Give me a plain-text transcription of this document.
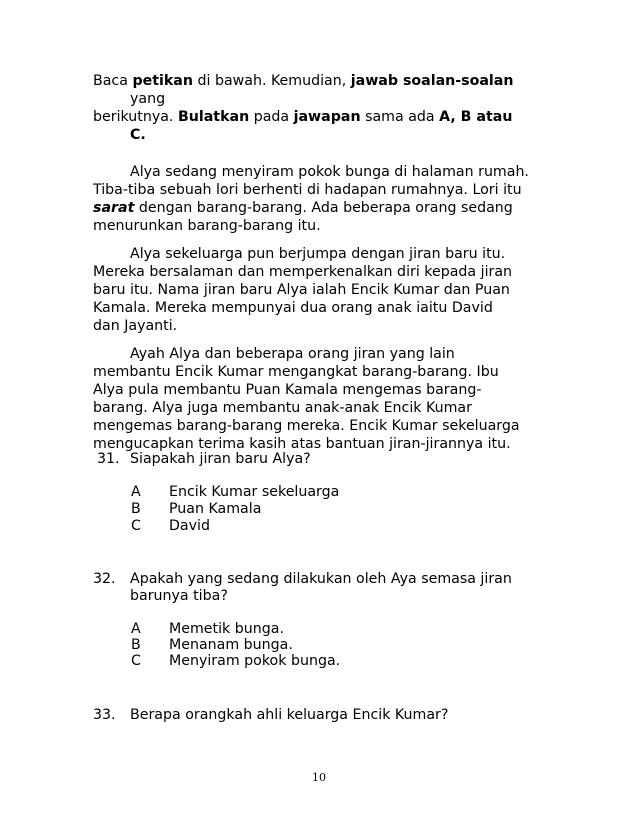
Baca petikan di bawah. Kemudian, jawab soalan-soalan
yang
berikutnya. Bulatkan pada jawapan sama ada A, B atau
C.
Alya sedang menyiram pokok bunga di halaman rumah.
Tiba-tiba sebuah lori berhenti di hadapan rumahnya. Lori itu
sarat dengan barang-barang. Ada beberapa orang sedang
menurunkan barang-barang itu.
Alya sekeluarga pun berjumpa dengan jiran baru itu.
Mereka bersalaman dan memperkenalkan diri kepada jiran
baru itu. Nama jiran baru Alya ialah Encik Kumar dan Puan
Kamala. Mereka mempunyai dua orang anak iaitu David
dan Jayanti.
Ayah Alya dan beberapa orang jiran yang lain
membantu Encik Kumar mengangkat barang-barang. Ibu
Alya pula membantu Puan Kamala mengemas barang-
barang. Alya juga membantu anak-anak Encik Kumar
mengemas barang-barang mereka. Encik Kumar sekeluarga
mengucapkan terima kasih atas bantuan jiran-jirannya itu.
31. Siapakah jiran baru Alya?
A Encik Kumar sekeluarga
B Puan Kamala
C David
32. Apakah yang sedang dilakukan oleh Aya semasa jiran
barunya tiba?
A Memetik bunga.
B Menanam bunga.
C Menyiram pokok bunga.
33. Berapa orangkah ahli keluarga Encik Kumar?
10
